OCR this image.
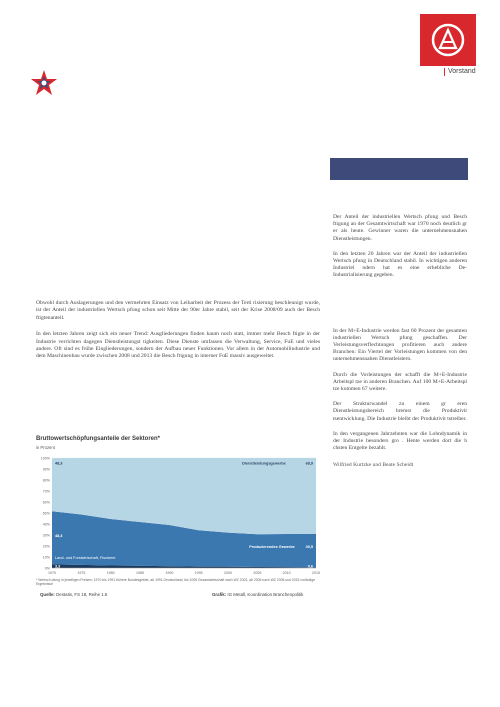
Vorstand

Der Anteil der industriellen Wertsch pfung und Besch ftigung an der Gesamtwirtschaft war 1970 noch deutlich gr er als heute. Gewinner waren die unternehmensnahen Dienstleistungen.

In den letzten 20 Jahren war der Anteil der industriellen Wertsch pfung in Deutschland stabil. In wichtigen anderen Industriel ndern hat es eine erhebliche De-Industrialisierung gegeben.

In der M+E-Industrie werden fast 60 Prozent der gesamten industriellen Wertsch pfung geschaffen. Der Verleistungsverflechtungen profitieren auch andere Branchen: Ein Viertel der Vorleistungen kommen von den unternehmensnahen Dienstleistern.

Durch die Vorleistungen der schafft die M+E-Industrie Arbeitspl tze in anderen Branchen. Auf 100 M+E-Arbeitspl tze kommen 67 weitere.

Der Strukturwandel zu einem gr eren Dienstleistungsbereich bremst die Produktivit tsentwicklung. Die Industrie bleibt der Produktivit tstreiber.

In den vergangenen Jahrzehnten war die Lohndynamik in der Industrie besonders gro . Hente werden dort die h chsten Entgelte bezahlt.

Wilfried Kurtzke und Beate Scheidt

Obwohl durch Auslagerungen und den vermehrten Einsatz von Leiharbeit der Prozess der Terti risierung beschleunigt wurde, ist der Anteil der industriellen Wertsch pfung schon seit Mitte der 90er Jahre stabil, seit der Krise 2008/09 auch der Besch ftigtenanteil.

In den letzten Jahren zeigt sich ein neuer Trend: Ausgliederungen finden kaum noch statt, immer mehr Besch ftigte in der Industrie verrichten dagegen Dienstleistungst tigkeiten. Diese Dienste umfassen die Verwaltung, Service, FuE und vieles andere. Oft sind es frühe Eingliederungen, sondern der Aufbau neuer Funktionen. Vor allem in der Automobilindustrie und dem Maschinenbau wurde zwischen 2008 und 2013 die Besch ftigung in interner FuE massiv ausgeweitet.

0%
10%
20%
30%
40%
50%
60%
70%
80%
90%
100%
1970	1975	1980	1985	1990	1995	2000	2005	2010	2015
48,3	68,9
48,3
30,5
3,3	0,6
Dienstleistungsgewerbe
Produzierendes Gewerbe
Land- und Forstwirtschaft, Fischerei
Bruttowertschöpfungsanteile der Sektoren*
in Prozent
* Wertsch pfung in jeweiligen Preisen; 1970 bis 1991 frühere Bundesgebiet, ab 1991 Deutschland; bis 2005 Gesamtwirtschaft nach WZ 2003, ab 2005 nach WZ 2008 und 2015 vorläufige Ergebnisse
Quelle: Destatis, FS 18, Reihe 1.5	Grafik: IG Metall, Koordination Branchenpolitik
